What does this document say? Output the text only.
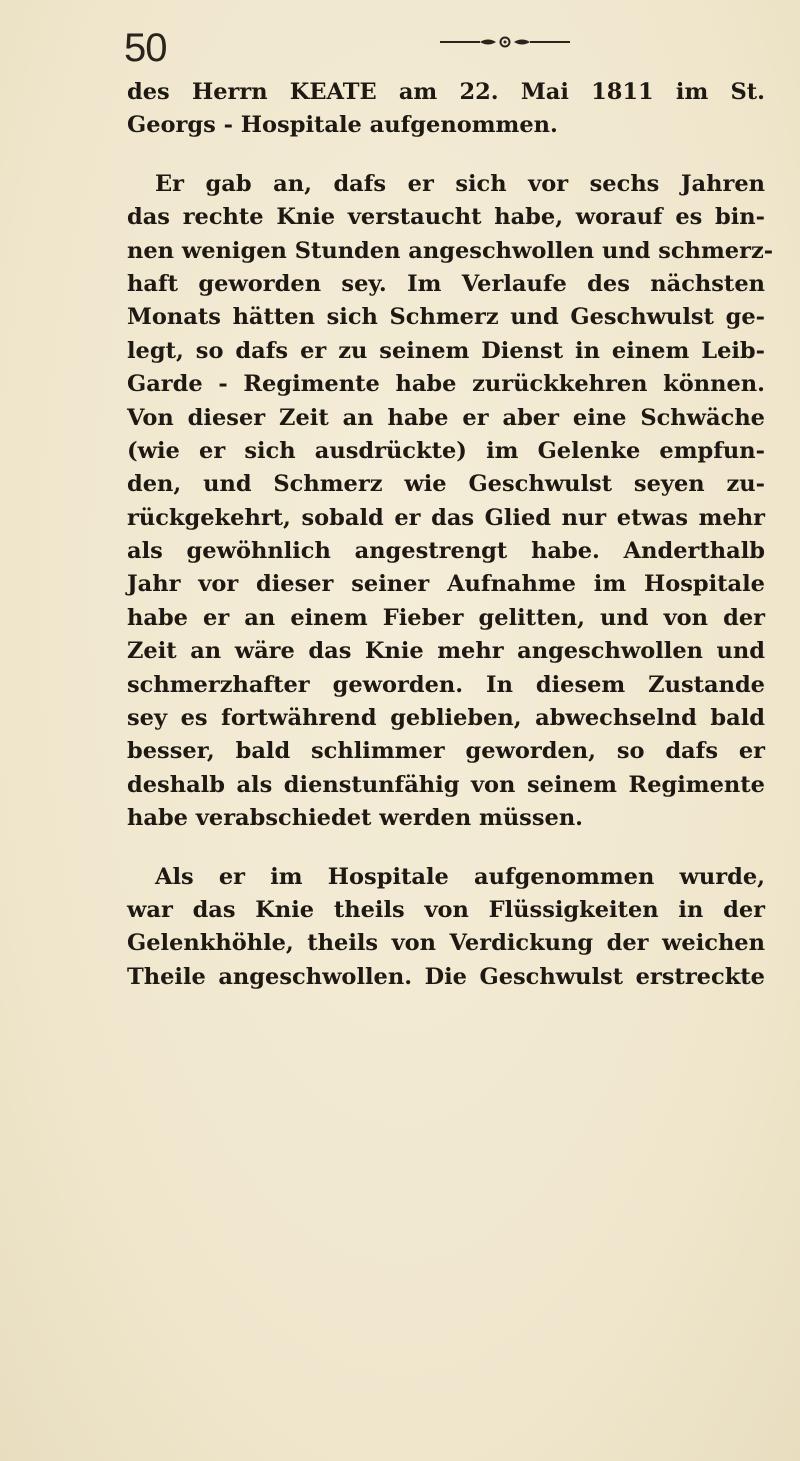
50
des Herrn KEATE am 22. Mai 1811 im St.
Georgs - Hospitale aufgenommen.
Er gab an, dafs er sich vor sechs Jahren
das rechte Knie verstaucht habe, worauf es bin-
nen wenigen Stunden angeschwollen und schmerz-
haft geworden sey. Im Verlaufe des nächsten
Monats hätten sich Schmerz und Geschwulst ge-
legt, so dafs er zu seinem Dienst in einem Leib-
Garde - Regimente habe zurückkehren können.
Von dieser Zeit an habe er aber eine Schwäche
(wie er sich ausdrückte) im Gelenke empfun-
den, und Schmerz wie Geschwulst seyen zu-
rückgekehrt, sobald er das Glied nur etwas mehr
als gewöhnlich angestrengt habe. Anderthalb
Jahr vor dieser seiner Aufnahme im Hospitale
habe er an einem Fieber gelitten, und von der
Zeit an wäre das Knie mehr angeschwollen und
schmerzhafter geworden. In diesem Zustande
sey es fortwährend geblieben, abwechselnd bald
besser, bald schlimmer geworden, so dafs er
deshalb als dienstunfähig von seinem Regimente
habe verabschiedet werden müssen.
Als er im Hospitale aufgenommen wurde,
war das Knie theils von Flüssigkeiten in der
Gelenkhöhle, theils von Verdickung der weichen
Theile angeschwollen. Die Geschwulst erstreckte
